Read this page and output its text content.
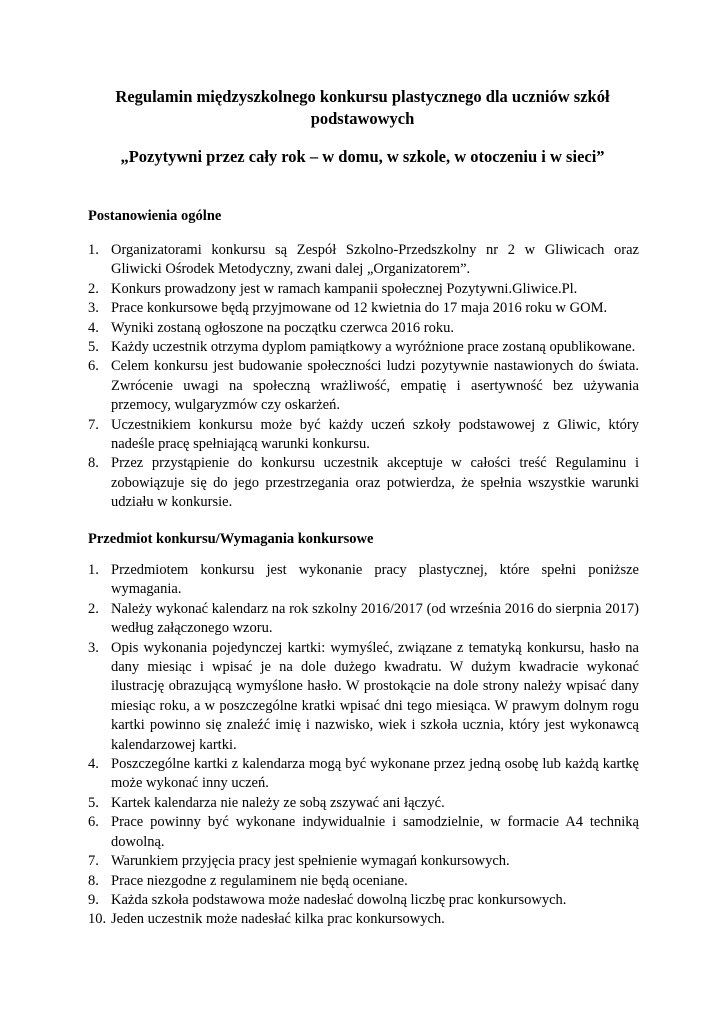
Regulamin międzyszkolnego konkursu plastycznego dla uczniów szkół podstawowych
„Pozytywni przez cały rok – w domu, w szkole, w otoczeniu i w sieci”
Postanowienia ogólne
1. Organizatorami konkursu są Zespół Szkolno-Przedszkolny nr 2 w Gliwicach oraz Gliwicki Ośrodek Metodyczny, zwani dalej „Organizatorem”.
2. Konkurs prowadzony jest w ramach kampanii społecznej Pozytywni.Gliwice.Pl.
3. Prace konkursowe będą przyjmowane od 12 kwietnia do 17 maja 2016 roku w GOM.
4. Wyniki zostaną ogłoszone na początku czerwca 2016 roku.
5. Każdy uczestnik otrzyma dyplom pamiątkowy a wyróżnione prace zostaną opublikowane.
6. Celem konkursu jest budowanie społeczności ludzi pozytywnie nastawionych do świata. Zwrócenie uwagi na społeczną wrażliwość, empatię i asertywność bez używania przemocy, wulgaryzmów czy oskarżeń.
7. Uczestnikiem konkursu może być każdy uczeń szkoły podstawowej z Gliwic, który nadeśle pracę spełniającą warunki konkursu.
8. Przez przystąpienie do konkursu uczestnik akceptuje w całości treść Regulaminu i zobowiązuje się do jego przestrzegania oraz potwierdza, że spełnia wszystkie warunki udziału w konkursie.
Przedmiot konkursu/Wymagania konkursowe
1. Przedmiotem konkursu jest wykonanie pracy plastycznej, które spełni poniższe wymagania.
2. Należy wykonać kalendarz na rok szkolny 2016/2017 (od września 2016 do sierpnia 2017) według załączonego wzoru.
3. Opis wykonania pojedynczej kartki: wymyśleć, związane z tematyką konkursu, hasło na dany miesiąc i wpisać je na dole dużego kwadratu. W dużym kwadracie wykonać ilustrację obrazującą wymyślone hasło. W prostokącie na dole strony należy wpisać dany miesiąc roku, a w poszczególne kratki wpisać dni tego miesiąca. W prawym dolnym rogu kartki powinno się znaleźć imię i nazwisko, wiek i szkoła ucznia, który jest wykonawcą kalendarzowej kartki.
4. Poszczególne kartki z kalendarza mogą być wykonane przez jedną osobę lub każdą kartkę może wykonać inny uczeń.
5. Kartek kalendarza nie należy ze sobą zszywać ani łączyć.
6. Prace powinny być wykonane indywidualnie i samodzielnie, w formacie A4 techniką dowolną.
7. Warunkiem przyjęcia pracy jest spełnienie wymagań konkursowych.
8. Prace niezgodne z regulaminem nie będą oceniane.
9. Każda szkoła podstawowa może nadesłać dowolną liczbę prac konkursowych.
10. Jeden uczestnik może nadesłać kilka prac konkursowych.
